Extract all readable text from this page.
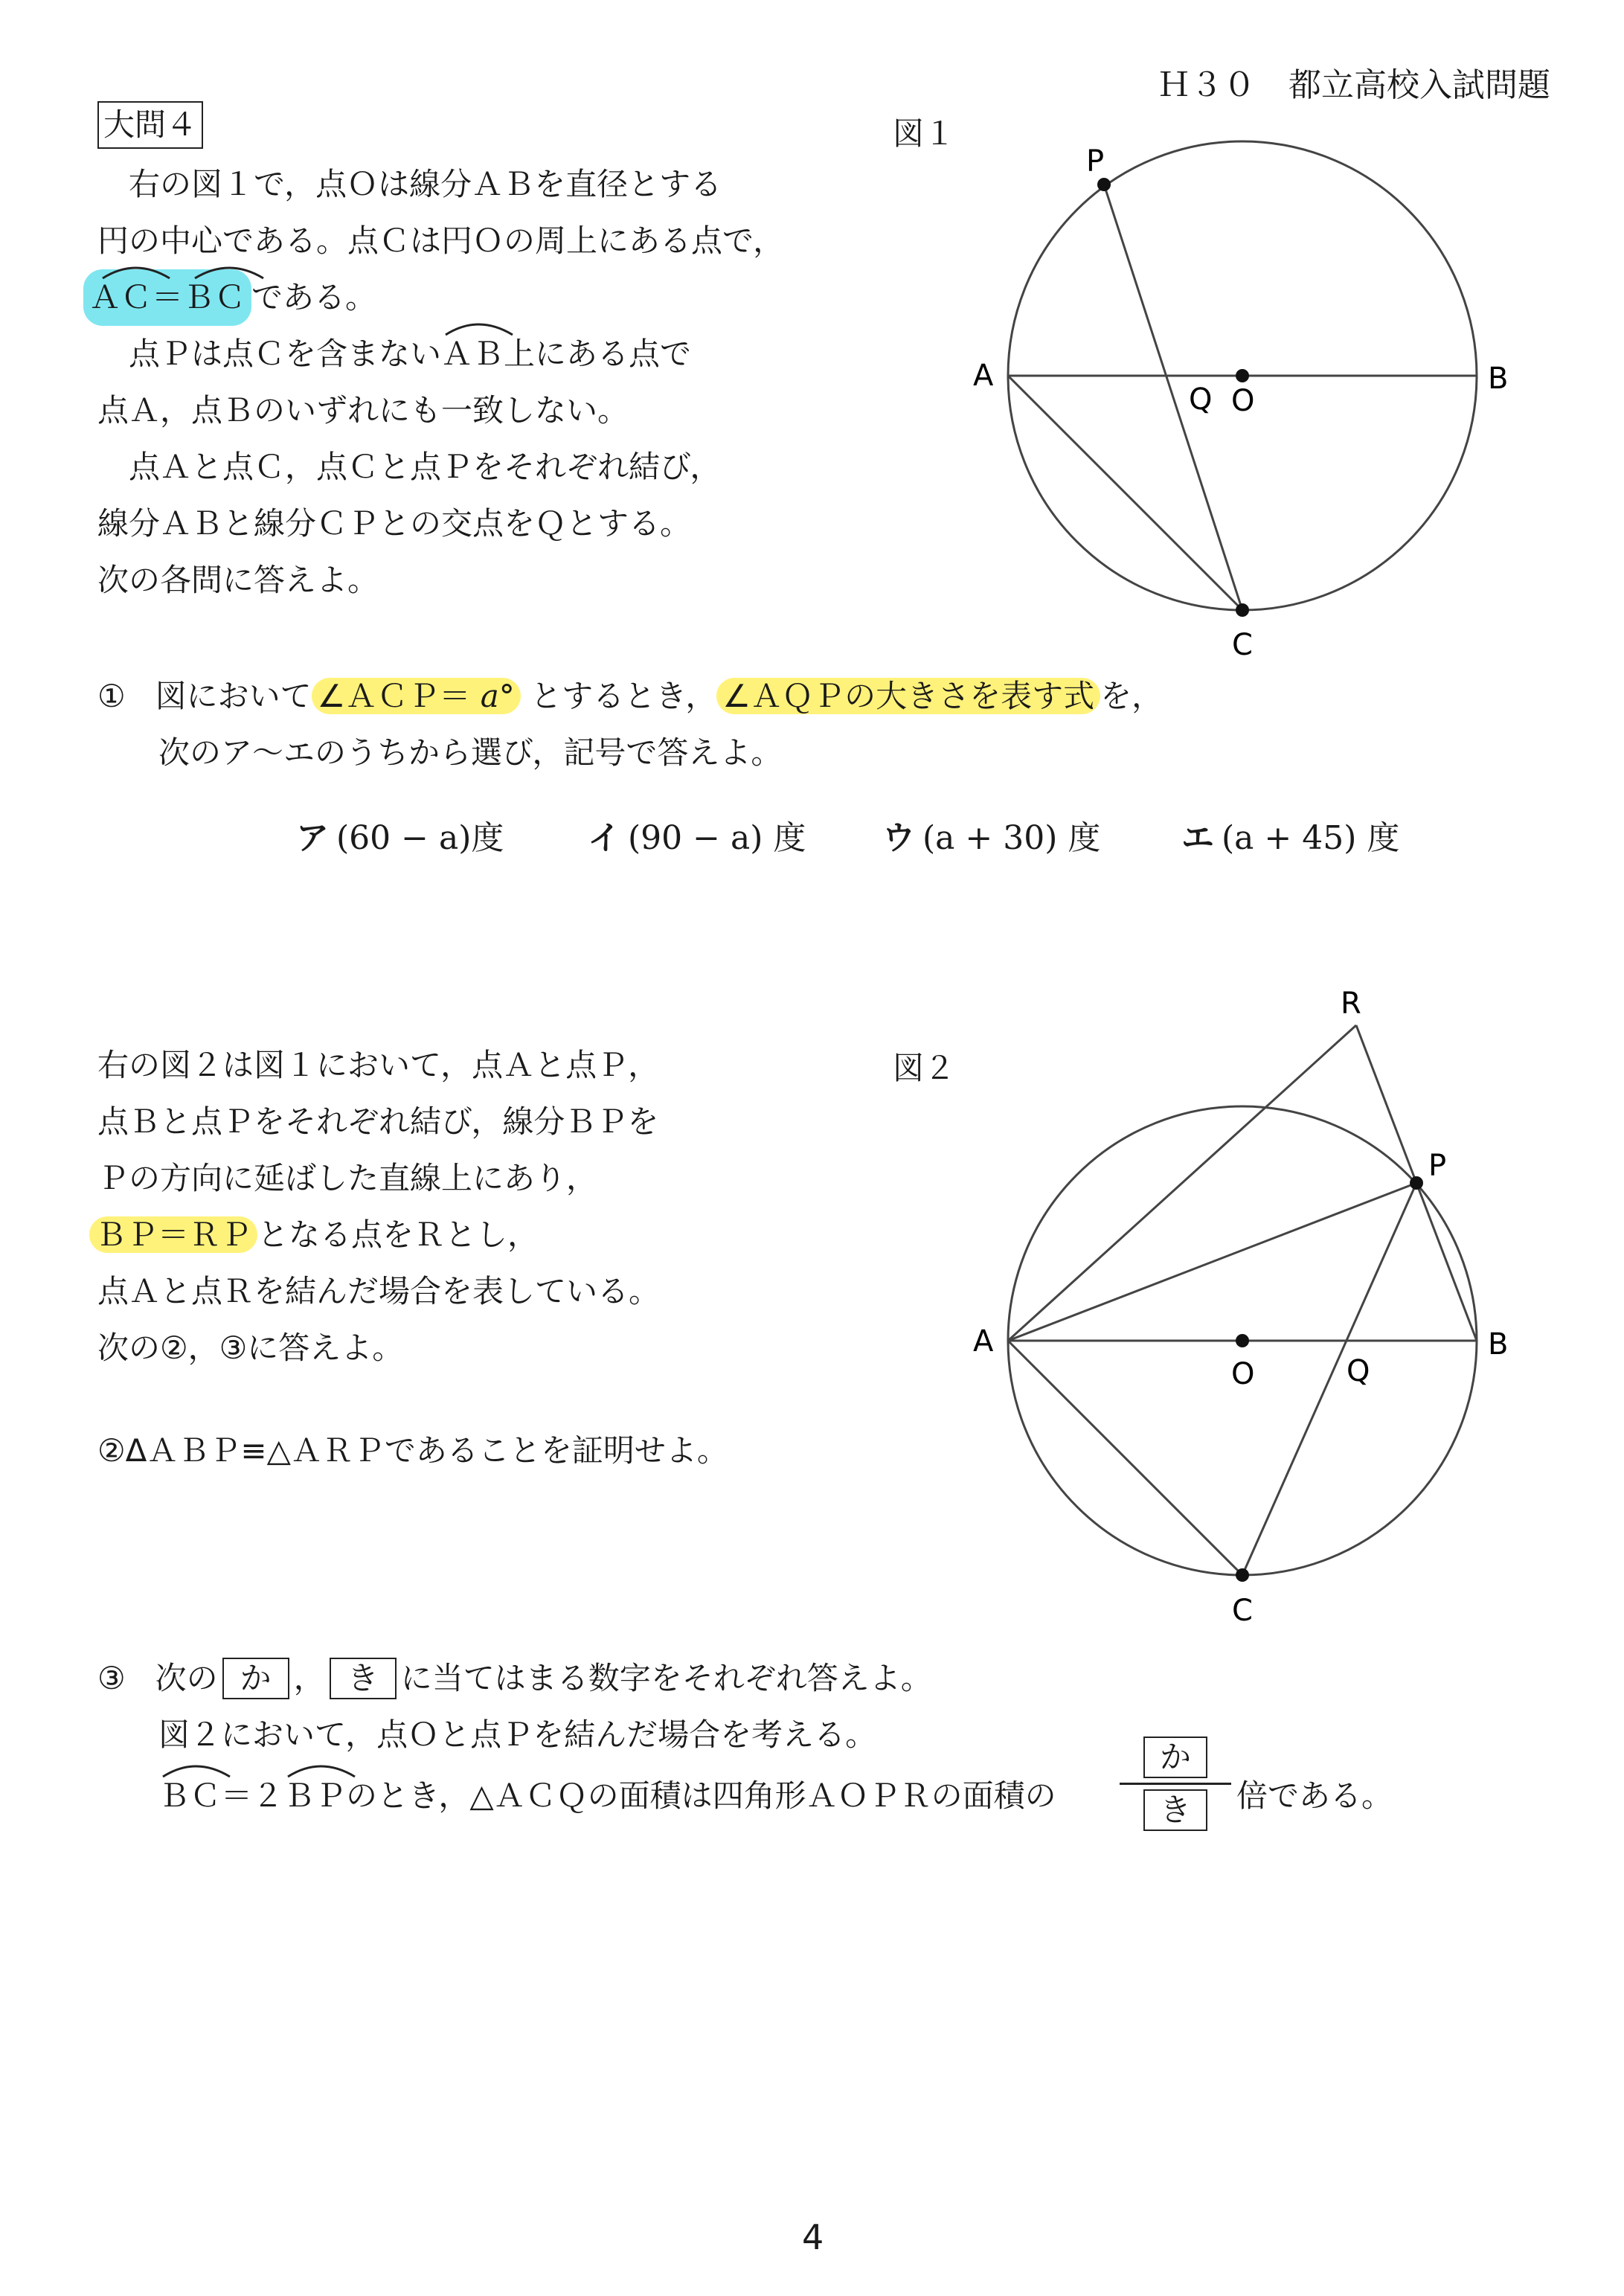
Ｈ３０　都立高校入試問題
大問４
　右の図１で，点Ｏは線分ＡＢを直径とする
円の中心である。点Ｃは円Ｏの周上にある点で，
ＡＣ＝ＢＣ である。
　点Ｐは点Ｃを含まない
ＡＢ上にある点で
点Ａ，点Ｂのいずれにも一致しない。
　点Ａと点Ｃ，点Ｃと点Ｐをそれぞれ結び，
線分ＡＢと線分ＣＰとの交点をＱとする。
次の各問に答えよ。
図１
P
A	B
Q O
C
① 図において ∠ＡＣＰ＝ a° とするとき， ∠ＡＱＰの大きさを表す式 を，
次のア〜エのうちから選び，記号で答えよ。
ア (60 − a)度	イ (90 − a) 度 ウ (a + 30) 度 エ (a + 45) 度
右の図２は図１において，点Ａと点Ｐ，
点Ｂと点Ｐをそれぞれ結び，線分ＢＰを
Ｐの方向に延ばした直線上にあり，
ＢＰ＝ＲＰ となる点をＲとし，
点Ａと点Ｒを結んだ場合を表している。
次の②，③に答えよ。
②ΔＡＢＰ≡△ＡＲＰであることを証明せよ。
図２
R
P
A	B
O	Q
C
③ 次の か ， き に当てはまる数字をそれぞれ答えよ。
図２において，点Ｏと点Ｐを結んだ場合を考える。
ＢＣ＝２
ＢＰのとき，△ＡＣＱの面積は四角形ＡＯＰＲの面積の
か
き	倍である。
4
